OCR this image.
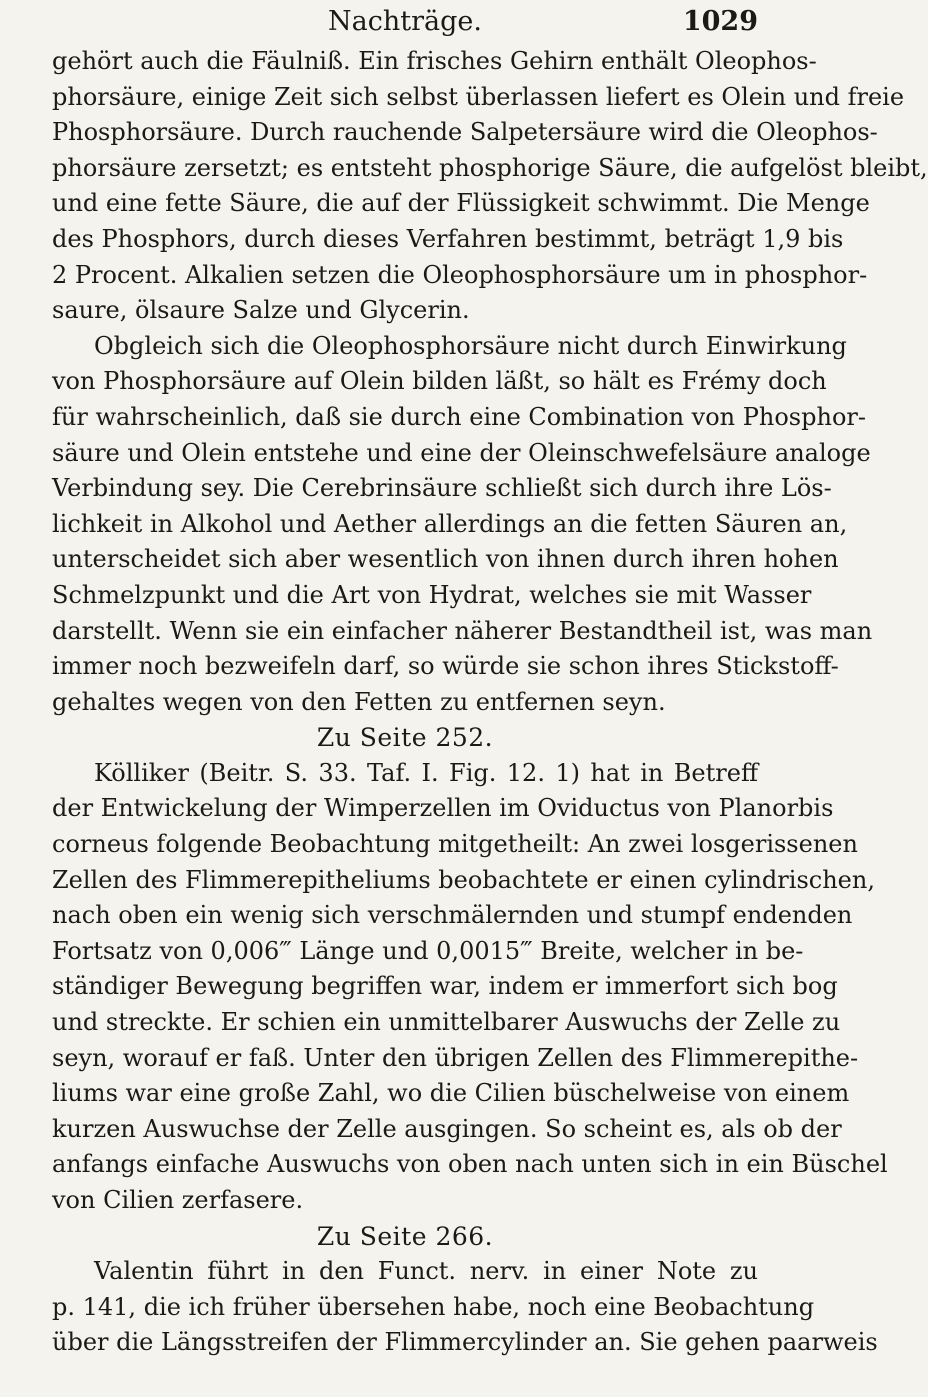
Nachträge.	1029
gehört auch die Fäulniß. Ein frisches Gehirn enthält Oleophos-
phorsäure, einige Zeit sich selbst überlassen liefert es Olein und freie
Phosphorsäure. Durch rauchende Salpetersäure wird die Oleophos-
phorsäure zersetzt; es entsteht phosphorige Säure, die aufgelöst bleibt,
und eine fette Säure, die auf der Flüssigkeit schwimmt. Die Menge
des Phosphors, durch dieses Verfahren bestimmt, beträgt 1,9 bis
2 Procent. Alkalien setzen die Oleophosphorsäure um in phosphor-
saure, ölsaure Salze und Glycerin.
Obgleich sich die Oleophosphorsäure nicht durch Einwirkung
von Phosphorsäure auf Olein bilden läßt, so hält es Frémy doch
für wahrscheinlich, daß sie durch eine Combination von Phosphor-
säure und Olein entstehe und eine der Oleinschwefelsäure analoge
Verbindung sey. Die Cerebrinsäure schließt sich durch ihre Lös-
lichkeit in Alkohol und Aether allerdings an die fetten Säuren an,
unterscheidet sich aber wesentlich von ihnen durch ihren hohen
Schmelzpunkt und die Art von Hydrat, welches sie mit Wasser
darstellt. Wenn sie ein einfacher näherer Bestandtheil ist, was man
immer noch bezweifeln darf, so würde sie schon ihres Stickstoff-
gehaltes wegen von den Fetten zu entfernen seyn.
Zu Seite 252.
Kölliker (Beitr. S. 33. Taf. I. Fig. 12. 1) hat in Betreff
der Entwickelung der Wimperzellen im Oviductus von Planorbis
corneus folgende Beobachtung mitgetheilt: An zwei losgerissenen
Zellen des Flimmerepitheliums beobachtete er einen cylindrischen,
nach oben ein wenig sich verschmälernden und stumpf endenden
Fortsatz von 0,006‴ Länge und 0,0015‴ Breite, welcher in be-
ständiger Bewegung begriffen war, indem er immerfort sich bog
und streckte. Er schien ein unmittelbarer Auswuchs der Zelle zu
seyn, worauf er faß. Unter den übrigen Zellen des Flimmerepithe-
liums war eine große Zahl, wo die Cilien büschelweise von einem
kurzen Auswuchse der Zelle ausgingen. So scheint es, als ob der
anfangs einfache Auswuchs von oben nach unten sich in ein Büschel
von Cilien zerfasere.
Zu Seite 266.
Valentin führt in den Funct. nerv. in einer Note zu
p. 141, die ich früher übersehen habe, noch eine Beobachtung
über die Längsstreifen der Flimmercylinder an. Sie gehen paarweis
